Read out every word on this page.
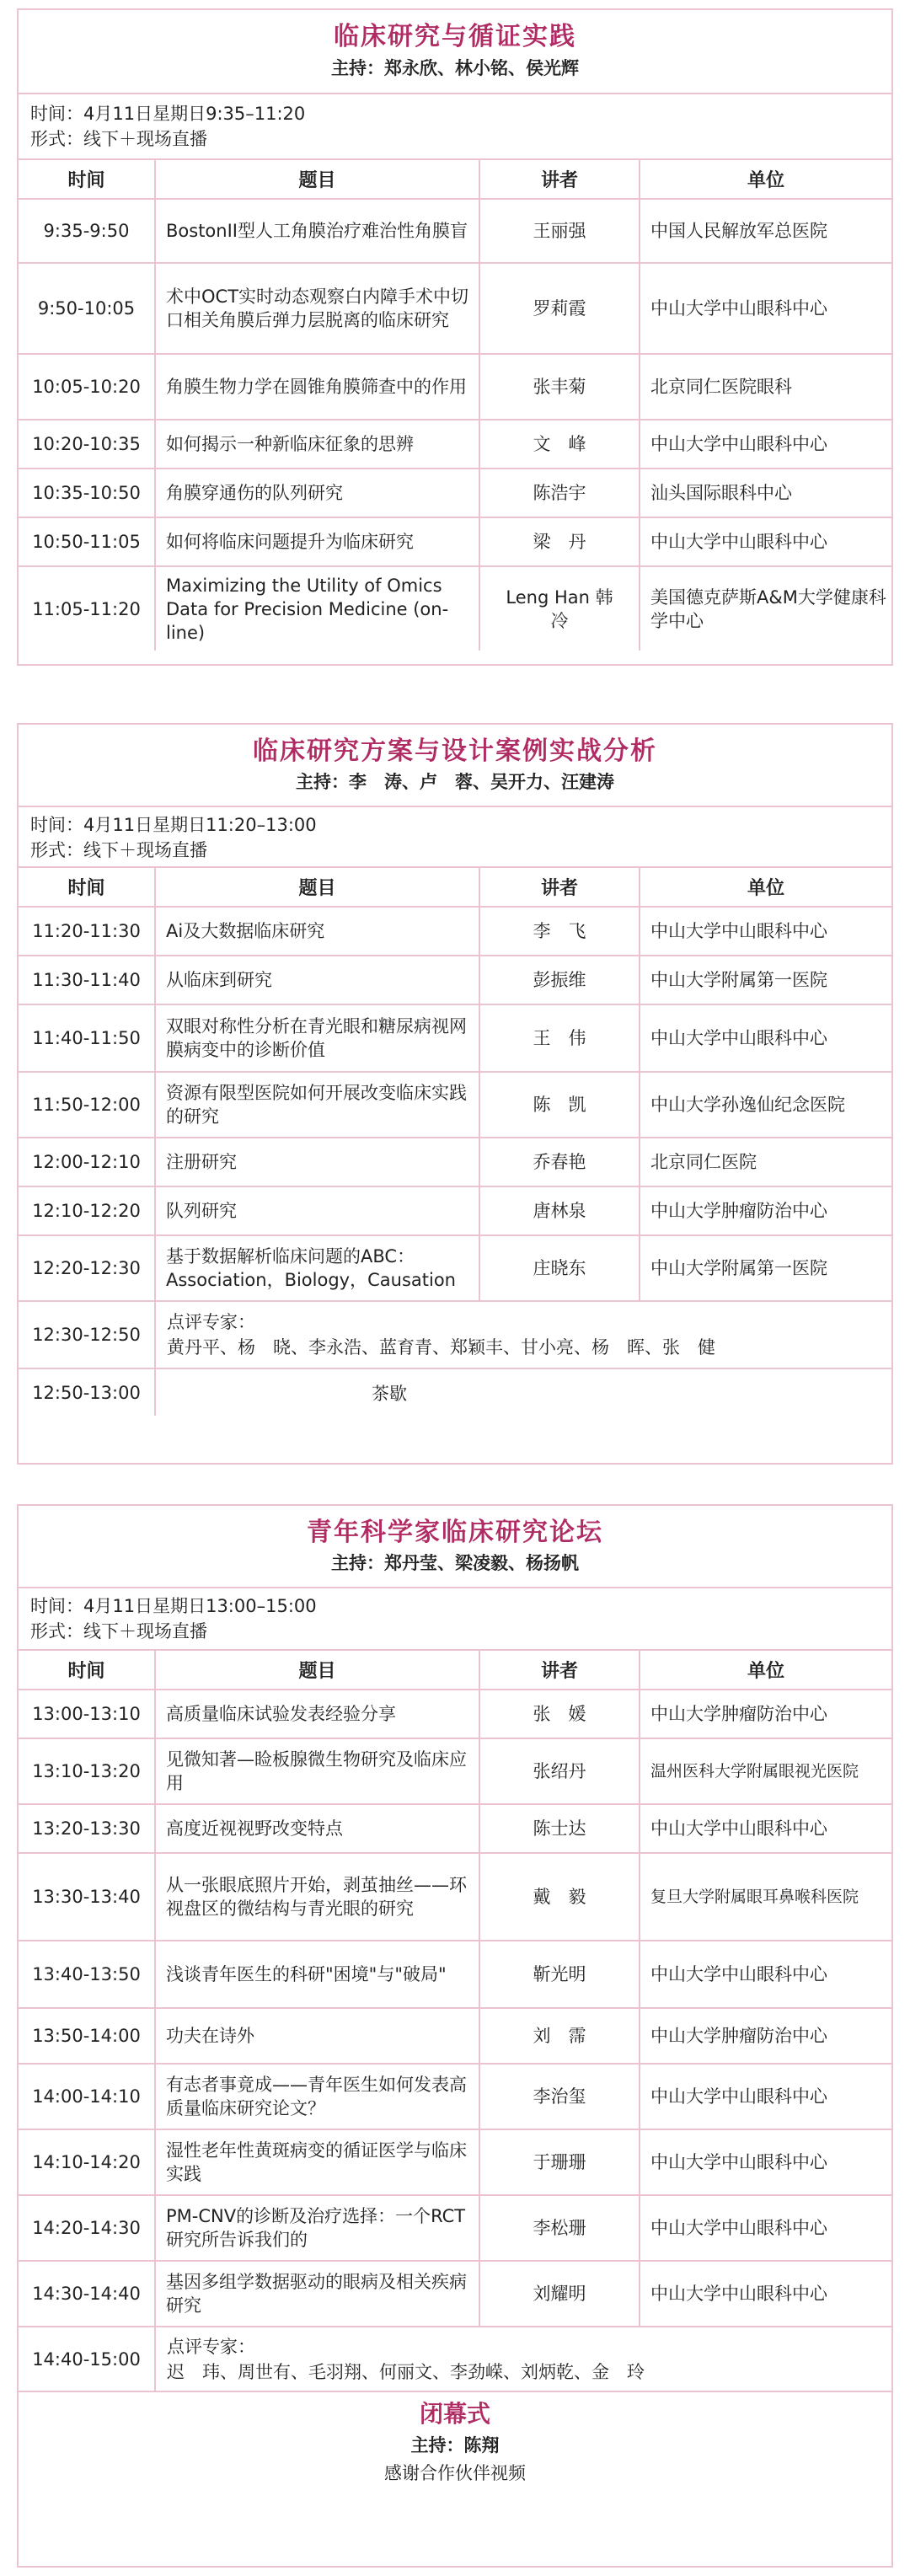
临床研究与循证实践
主持：郑永欣、林小铭、侯光辉
时间：4月11日星期日9:35–11:20
形式：线下＋现场直播
时间	题目	讲者	单位
9:35-9:50	BostonII型人工角膜治疗难治性角膜盲	王丽强	中国人民解放军总医院
9:50-10:05	术中OCT实时动态观察白内障手术中切口相关角膜后弹力层脱离的临床研究	罗莉霞	中山大学中山眼科中心
10:05-10:20	角膜生物力学在圆锥角膜筛查中的作用	张丰菊	北京同仁医院眼科
10:20-10:35	如何揭示一种新临床征象的思辨	文　峰	中山大学中山眼科中心
10:35-10:50	角膜穿通伤的队列研究	陈浩宇	汕头国际眼科中心
10:50-11:05	如何将临床问题提升为临床研究	梁　丹	中山大学中山眼科中心
11:05-11:20	Maximizing the Utility of Omics Data for Precision Medicine (on-line)	Leng Han 韩　冷	美国德克萨斯A&M大学健康科学中心
临床研究方案与设计案例实战分析
主持：李　涛、卢　蓉、吴开力、汪建涛
时间：4月11日星期日11:20–13:00
形式：线下＋现场直播
时间	题目	讲者	单位
11:20-11:30	Ai及大数据临床研究	李　飞	中山大学中山眼科中心
11:30-11:40	从临床到研究	彭振维	中山大学附属第一医院
11:40-11:50	双眼对称性分析在青光眼和糖尿病视网膜病变中的诊断价值	王　伟	中山大学中山眼科中心
11:50-12:00	资源有限型医院如何开展改变临床实践的研究	陈　凯	中山大学孙逸仙纪念医院
12:00-12:10	注册研究	乔春艳	北京同仁医院
12:10-12:20	队列研究	唐林泉	中山大学肿瘤防治中心
12:20-12:30	基于数据解析临床问题的ABC：Association，Biology，Causation	庄晓东	中山大学附属第一医院
12:30-12:50	点评专家：
黄丹平、杨　晓、李永浩、蓝育青、郑颖丰、甘小亮、杨　晖、张　健		

12:50-13:00	茶歇		
青年科学家临床研究论坛
主持：郑丹莹、梁凌毅、杨扬帆
时间：4月11日星期日13:00–15:00
形式：线下＋现场直播
时间	题目	讲者	单位
13:00-13:10	高质量临床试验发表经验分享	张　媛	中山大学肿瘤防治中心
13:10-13:20	见微知著—睑板腺微生物研究及临床应用	张绍丹	温州医科大学附属眼视光医院
13:20-13:30	高度近视视野改变特点	陈士达	中山大学中山眼科中心
13:30-13:40	从一张眼底照片开始，剥茧抽丝——环视盘区的微结构与青光眼的研究	戴　毅	复旦大学附属眼耳鼻喉科医院
13:40-13:50	浅谈青年医生的科研"困境"与"破局"	靳光明	中山大学中山眼科中心
13:50-14:00	功夫在诗外	刘　霈	中山大学肿瘤防治中心
14:00-14:10	有志者事竟成——青年医生如何发表高质量临床研究论文？	李治玺	中山大学中山眼科中心
14:10-14:20	湿性老年性黄斑病变的循证医学与临床实践	于珊珊	中山大学中山眼科中心
14:20-14:30	PM-CNV的诊断及治疗选择：一个RCT研究所告诉我们的	李松珊	中山大学中山眼科中心
14:30-14:40	基因多组学数据驱动的眼病及相关疾病研究	刘耀明	中山大学中山眼科中心
14:40-15:00	点评专家：
迟　玮、周世有、毛羽翔、何丽文、李劲嵘、刘炳乾、金　玲		
闭幕式
主持：陈翔
感谢合作伙伴视频
